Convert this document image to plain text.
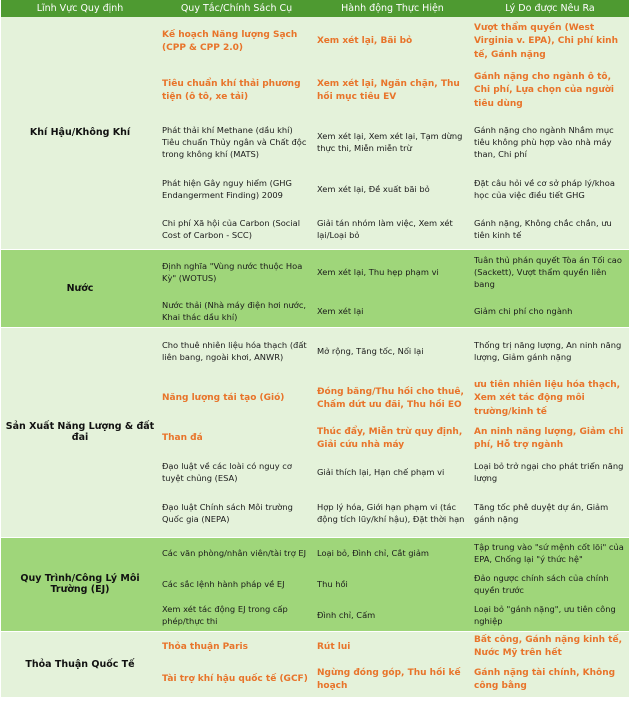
Lĩnh Vực Quy định	Quy Tắc/Chính Sách Cụ	Hành động Thực Hiện	Lý Do được Nêu Ra
Khí Hậu/Không Khí	Kế hoạch Năng lượng Sạch (CPP & CPP 2.0)	Xem xét lại, Bãi bỏ	Vượt thẩm quyền (West Virginia v. EPA), Chi phí kinh tế, Gánh nặng
	Tiêu chuẩn khí thải phương tiện (ô tô, xe tải)	Xem xét lại, Ngăn chặn, Thu hồi mục tiêu EV	Gánh nặng cho ngành ô tô, Chi phí, Lựa chọn của người tiêu dùng
	Phát thải khí Methane (dầu khí) Tiêu chuẩn Thủy ngân và Chất độc trong không khí (MATS)	Xem xét lại, Xem xét lại, Tạm dừng thực thi, Miễn miễn trừ	Gánh nặng cho ngành Nhắm mục tiêu không phù hợp vào nhà máy than, Chi phí
	Phát hiện Gây nguy hiểm (GHG Endangerment Finding) 2009	Xem xét lại, Đề xuất bãi bỏ	Đặt câu hỏi về cơ sở pháp lý/khoa học của việc điều tiết GHG
	Chi phí Xã hội của Carbon (Social Cost of Carbon - SCC)	Giải tán nhóm làm việc, Xem xét lại/Loại bỏ	Gánh nặng, Không chắc chắn, ưu tiên kinh tế
Nước	Định nghĩa "Vùng nước thuộc Hoa Kỳ" (WOTUS)	Xem xét lại, Thu hẹp phạm vi	Tuân thủ phán quyết Tòa án Tối cao (Sackett), Vượt thẩm quyền liên bang
	Nước thải (Nhà máy điện hơi nước, Khai thác dầu khí)	Xem xét lại	Giảm chi phí cho ngành
Sản Xuất Năng Lượng & đất đai	Cho thuê nhiên liệu hóa thạch (đất liên bang, ngoài khơi, ANWR)	Mở rộng, Tăng tốc, Nối lại	Thống trị năng lượng, An ninh năng lượng, Giảm gánh nặng
	Năng lượng tái tạo (Gió)	Đóng băng/Thu hồi cho thuê, Chấm dứt ưu đãi, Thu hồi EO	ưu tiên nhiên liệu hóa thạch, Xem xét tác động môi trường/kinh tế
	Than đá	Thúc đẩy, Miễn trừ quy định, Giải cứu nhà máy	An ninh năng lượng, Giảm chi phí, Hỗ trợ ngành
	Đạo luật về các loài có nguy cơ tuyệt chủng (ESA)	Giải thích lại, Hạn chế phạm vi	Loại bỏ trở ngại cho phát triển năng lượng
	Đạo luật Chính sách Môi trường Quốc gia (NEPA)	Hợp lý hóa, Giới hạn phạm vi (tác động tích lũy/khí hậu), Đặt thời hạn	Tăng tốc phê duyệt dự án, Giảm gánh nặng
Quy Trình/Công Lý Môi Trường (EJ)	Các văn phòng/nhân viên/tài trợ EJ	Loại bỏ, Đình chỉ, Cắt giảm	Tập trung vào "sứ mệnh cốt lõi" của EPA, Chống lại "ý thức hệ"
	Các sắc lệnh hành pháp về EJ	Thu hồi	Đảo ngược chính sách của chính quyền trước
	Xem xét tác động EJ trong cấp phép/thực thi	Đình chỉ, Cấm	Loại bỏ "gánh nặng", ưu tiên công nghiệp
Thỏa Thuận Quốc Tế	Thỏa thuận Paris	Rút lui	Bất công, Gánh nặng kinh tế, Nước Mỹ trên hết
	Tài trợ khí hậu quốc tế (GCF)	Ngừng đóng góp, Thu hồi kế hoạch	Gánh nặng tài chính, Không công bằng
